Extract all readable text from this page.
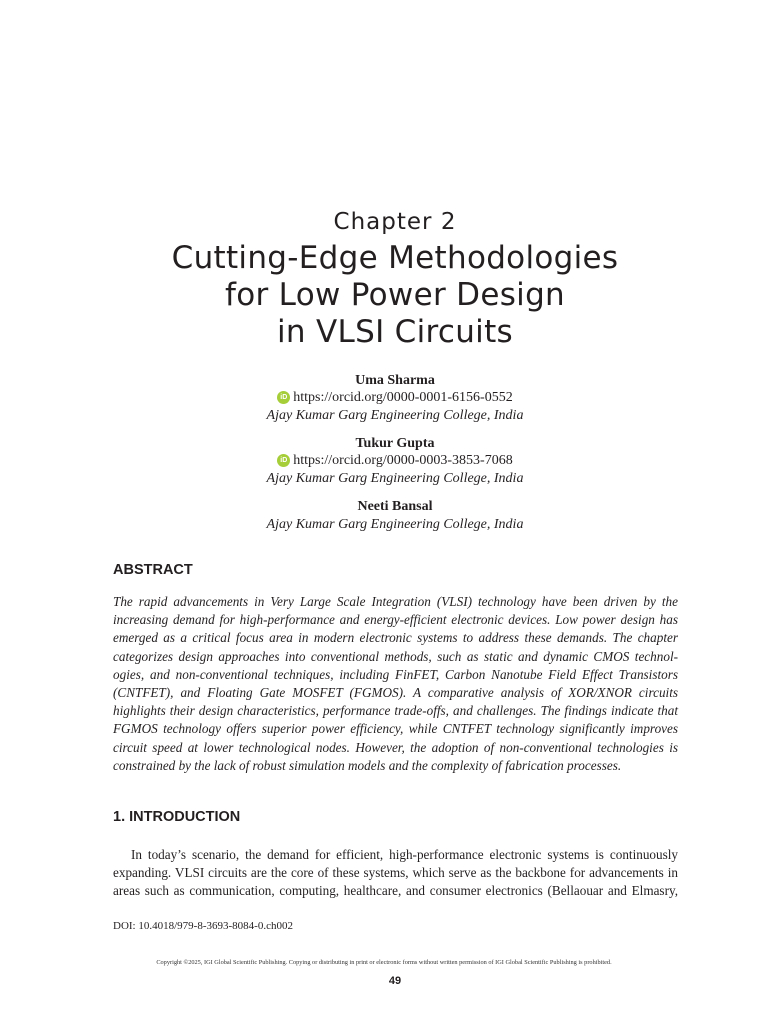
Chapter 2
Cutting-Edge Methodologies
for Low Power Design
in VLSI Circuits
Uma Sharma
iD https://orcid.org/0000-0001-6156-0552
Ajay Kumar Garg Engineering College, India
Tukur Gupta
iD https://orcid.org/0000-0003-3853-7068
Ajay Kumar Garg Engineering College, India
Neeti Bansal
Ajay Kumar Garg Engineering College, India
ABSTRACT

The rapid advancements in Very Large Scale Integration (VLSI) technology have been driven by the
increasing demand for high-performance and energy-efficient electronic devices. Low power design has
emerged as a critical focus area in modern electronic systems to address these demands. The chapter
categorizes design approaches into conventional methods, such as static and dynamic CMOS technol-
ogies, and non-conventional techniques, including FinFET, Carbon Nanotube Field Effect Transistors
(CNTFET), and Floating Gate MOSFET (FGMOS). A comparative analysis of XOR/XNOR circuits
highlights their design characteristics, performance trade-offs, and challenges. The findings indicate that
FGMOS technology offers superior power efficiency, while CNTFET technology significantly improves
circuit speed at lower technological nodes. However, the adoption of non-conventional technologies is
constrained by the lack of robust simulation models and the complexity of fabrication processes.

1. INTRODUCTION

In today’s scenario, the demand for efficient, high-performance electronic systems is continuously
expanding. VLSI circuits are the core of these systems, which serve as the backbone for advancements in
areas such as communication, computing, healthcare, and consumer electronics (Bellaouar and Elmasry,

DOI: 10.4018/979-8-3693-8084-0.ch002
Copyright ©2025, IGI Global Scientific Publishing. Copying or distributing in print or electronic forms without written permission of IGI Global Scientific Publishing is prohibited.
49
